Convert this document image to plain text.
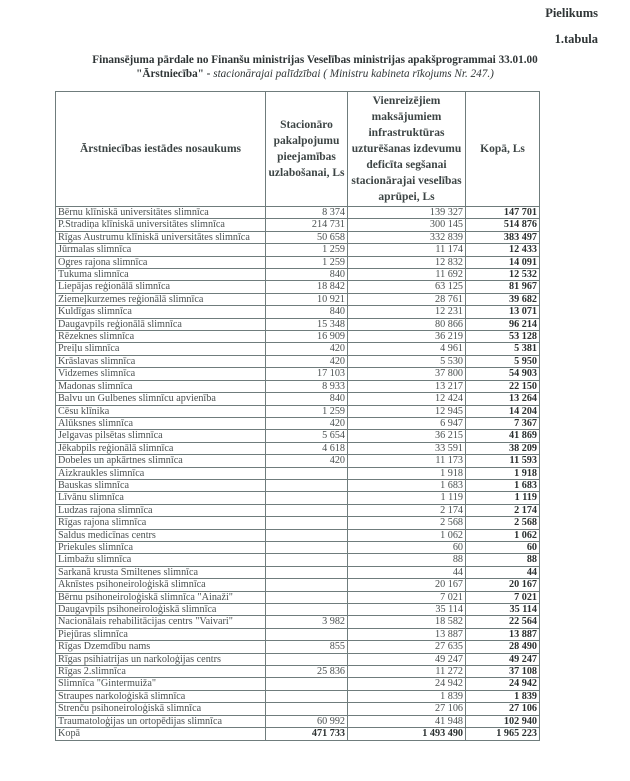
Pielikums
1.tabula
Finansējuma pārdale no Finanšu ministrijas Veselības ministrijas apakšprogrammai 33.01.00
"Ārstniecība" - stacionārajai palīdzībai ( Ministru kabineta rīkojums Nr. 247.)
Ārstniecības iestādes nosaukums	Stacionāro pakalpojumu pieejamības uzlabošanai, Ls	Vienreizējiem maksājumiem infrastruktūras uzturēšanas izdevumu deficīta segšanai stacionārajai veselības aprūpei, Ls	Kopā, Ls
Bērnu klīniskā universitātes slimnīca	8 374	139 327	147 701
P.Stradiņa klīniskā universitātes slimnīca	214 731	300 145	514 876
Rīgas Austrumu klīniskā universitātes slimnīca	50 658	332 839	383 497
Jūrmalas slimnīca	1 259	11 174	12 433
Ogres rajona slimnīca	1 259	12 832	14 091
Tukuma slimnīca	840	11 692	12 532
Liepājas reģionālā slimnīca	18 842	63 125	81 967
Ziemeļkurzemes reģionālā slimnīca	10 921	28 761	39 682
Kuldīgas slimnīca	840	12 231	13 071
Daugavpils reģionālā slimnīca	15 348	80 866	96 214
Rēzeknes slimnīca	16 909	36 219	53 128
Preiļu slimnīca	420	4 961	5 381
Krāslavas slimnīca	420	5 530	5 950
Vidzemes slimnīca	17 103	37 800	54 903
Madonas slimnīca	8 933	13 217	22 150
Balvu un Gulbenes slimnīcu apvienība	840	12 424	13 264
Cēsu klīnika	1 259	12 945	14 204
Alūksnes slimnīca	420	6 947	7 367
Jelgavas pilsētas slimnīca	5 654	36 215	41 869
Jēkabpils reģionālā slimnīca	4 618	33 591	38 209
Dobeles un apkārtnes slimnīca	420	11 173	11 593
Aizkraukles slimnīca		1 918	1 918
Bauskas slimnīca		1 683	1 683
Līvānu slimnīca		1 119	1 119
Ludzas rajona slimnīca		2 174	2 174
Rīgas rajona slimnīca		2 568	2 568
Saldus medicīnas centrs		1 062	1 062
Priekules slimnīca		60	60
Limbažu slimnīca		88	88
Sarkanā krusta Smiltenes slimnīca		44	44
Aknīstes psihoneiroloģiskā slimnīca		20 167	20 167
Bērnu psihoneiroloģiskā slimnīca "Ainaži"		7 021	7 021
Daugavpils psihoneiroloģiskā slimnīca		35 114	35 114
Nacionālais rehabilitācijas centrs "Vaivari"	3 982	18 582	22 564
Piejūras slimnīca		13 887	13 887
Rīgas Dzemdību nams	855	27 635	28 490
Rīgas psihiatrijas un narkoloģijas centrs		49 247	49 247
Rīgas 2.slimnīca	25 836	11 272	37 108
Slimnīca "Gintermuiža"		24 942	24 942
Straupes narkoloģiskā slimnīca		1 839	1 839
Strenču psihoneiroloģiskā slimnīca		27 106	27 106
Traumatoloģijas un ortopēdijas slimnīca	60 992	41 948	102 940
Kopā	471 733	1 493 490	1 965 223
